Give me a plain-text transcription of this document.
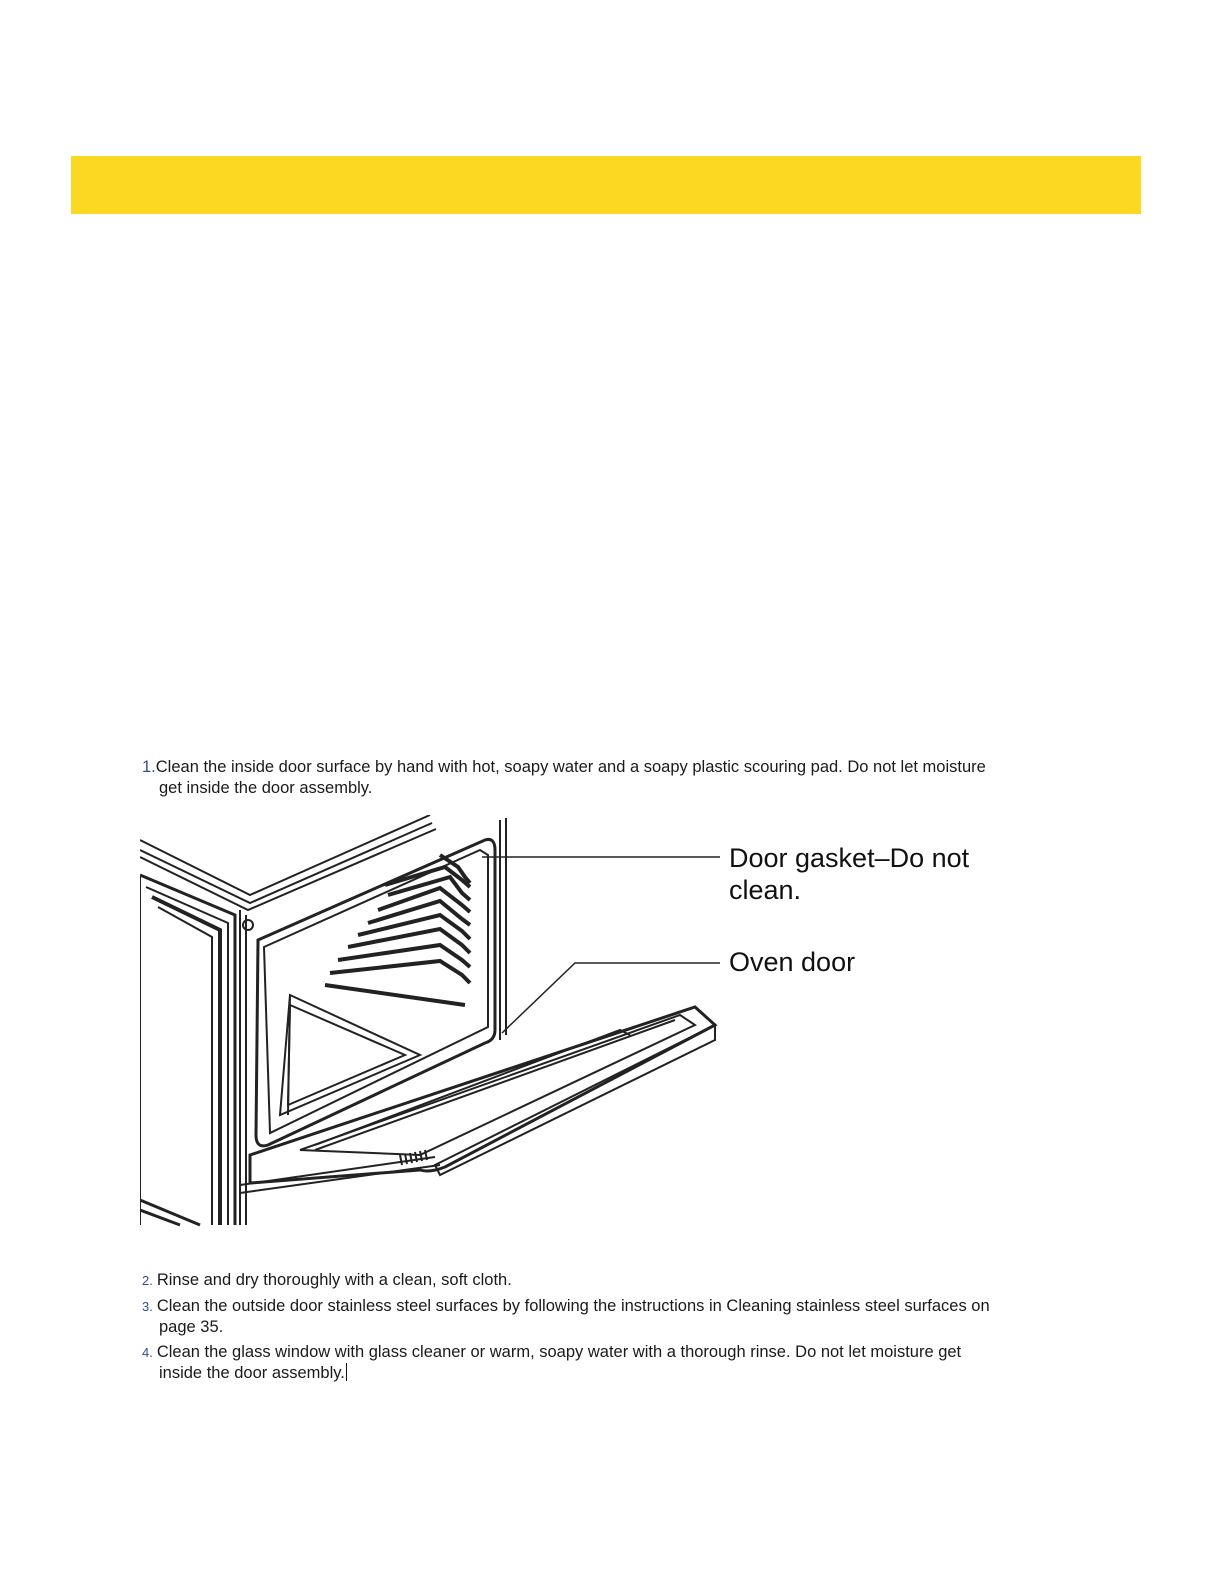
1.Clean the inside door surface by hand with hot, soapy water and a soapy plastic scouring pad. Do not let moisture
get inside the door assembly.
Door gasket–Do not
clean.
Oven door
2. Rinse and dry thoroughly with a clean, soft cloth.
3. Clean the outside door stainless steel surfaces by following the instructions in Cleaning stainless steel surfaces on
page 35.
4. Clean the glass window with glass cleaner or warm, soapy water with a thorough rinse. Do not let moisture get
inside the door assembly.
